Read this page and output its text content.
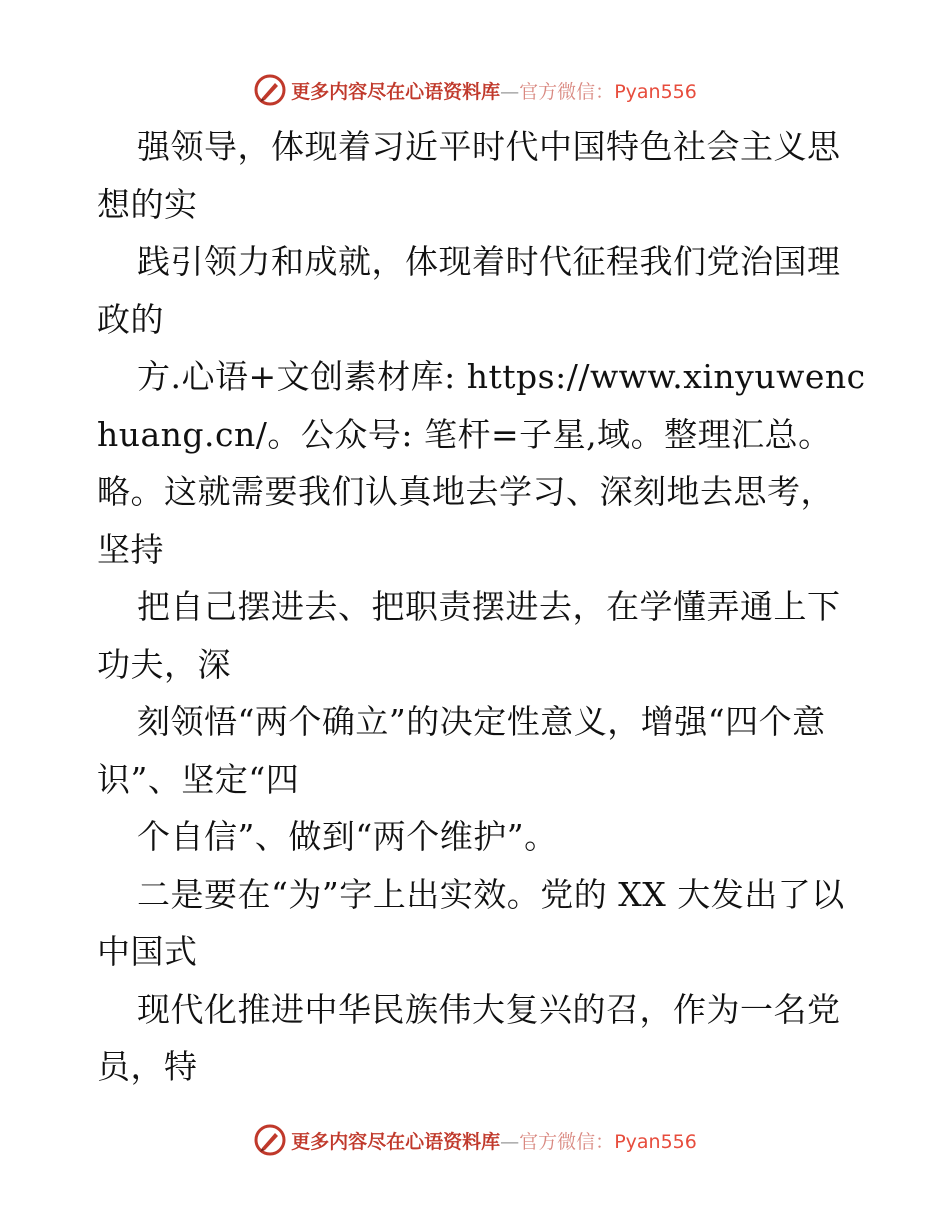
更多内容尽在心语资料库—官方微信：Pyan556

强领导，体现着习近平时代中国特色社会主义思想的实

践引领力和成就，体现着时代征程我们党治国理政的

方.心语+文创素材库: https://www.xinyuwenchuang.cn/。公众号: 笔杆=子星,域。整理汇总。略。这就需要我们认真地去学习、深刻地去思考，坚持

把自己摆进去、把职责摆进去，在学懂弄通上下功夫，深

刻领悟“两个确立”的决定性意义，增强“四个意识”、坚定“四

个自信”、做到“两个维护”。

二是要在“为”字上出实效。党的 XX 大发出了以中国式

现代化推进中华民族伟大复兴的召，作为一名党员，特

更多内容尽在心语资料库—官方微信：Pyan556
